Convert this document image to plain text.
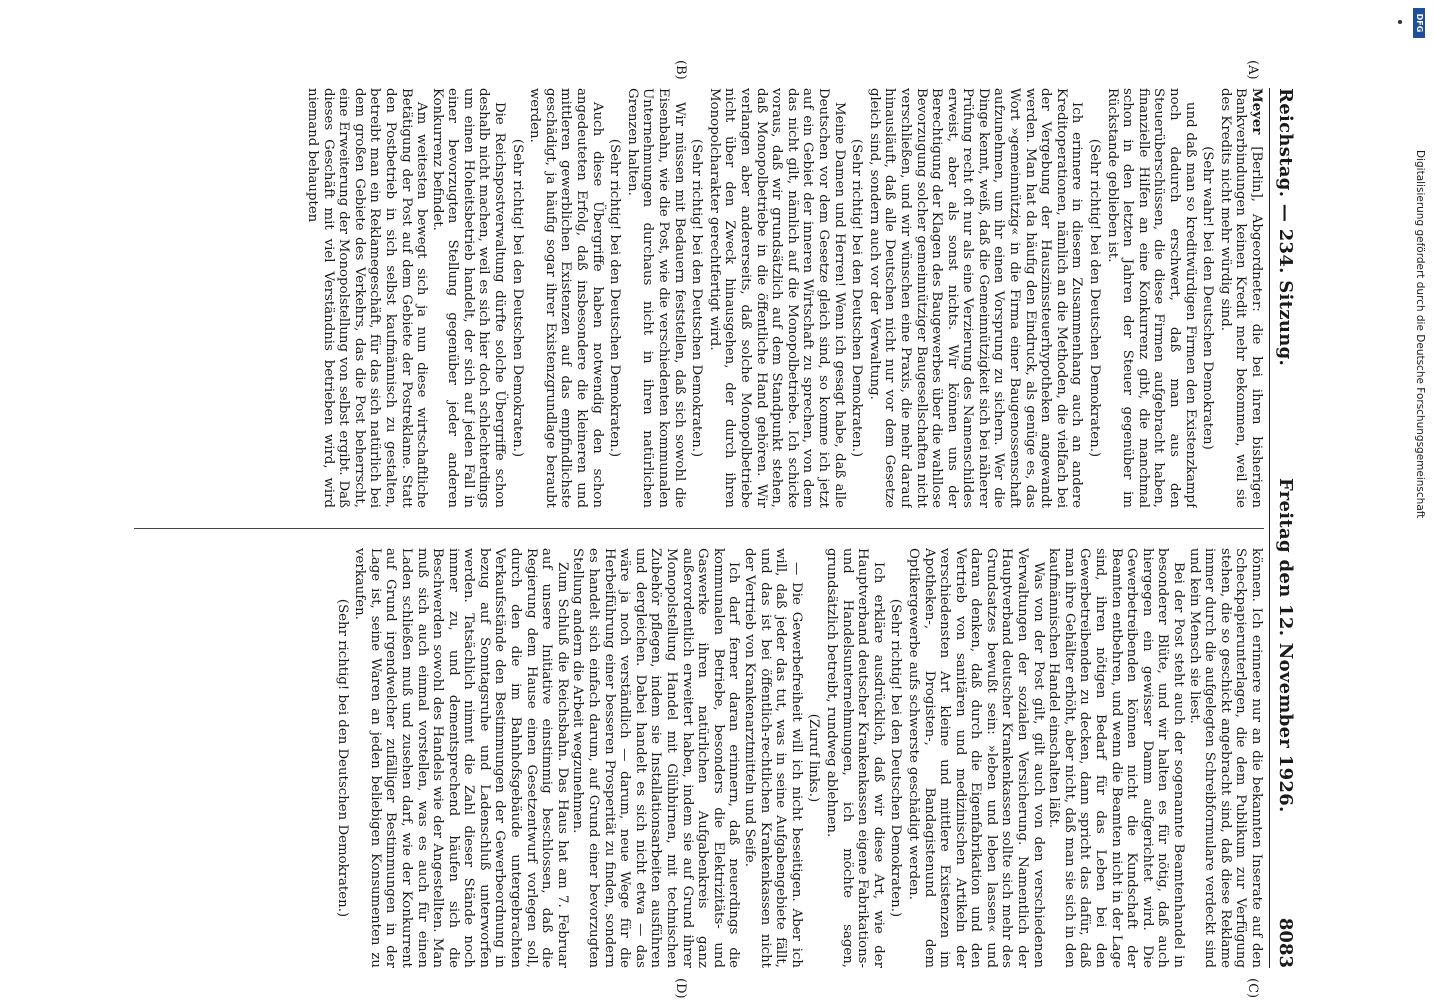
Reichstag. — 234. Sitzung.
Freitag den 12. November 1926.
8083

Meyer [Berlin], Abgeordneter: die bei ihren bisherigen Bankverbindungen keinen Kredit mehr bekommen, weil sie des Kredits nicht mehr würdig sind.

(Sehr wahr! bei den Deutschen Demokraten)

und daß man so kreditwürdigen Firmen den Existenzkampf noch dadurch erschwert, daß man aus den Steuerüberschüssen, die diese Firmen aufgebracht haben, finanzielle Hilfen an eine Konkurrenz gibt, die manchmal schon in den letzten Jahren der Steuer gegenüber im Rückstande geblieben ist.

(Sehr richtig! bei den Deutschen Demokraten.)

Ich erinnere in diesem Zusammenhang auch an andere Kreditoperationen, nämlich an die Methoden, die vielfach bei der Vergebung der Hauszinssteuerhypotheken angewandt werden. Man hat da häufig den Eindruck, als genüge es, das Wort »gemeinnützig« in die Firma einer Baugenossenschaft aufzunehmen, um ihr einen Vorsprung zu sichern. Wer die Dinge kennt, weiß, daß die Gemeinnützigkeit sich bei näherer Prüfung recht oft nur als eine Verzierung des Namenschildes erweist, aber als sonst nichts. Wir können uns der Berechtigung der Klagen des Baugewerbes über die wahllose Bevorzugung solcher gemeinnütziger Baugesellschaften nicht verschließen, und wir wünschen eine Praxis, die mehr darauf hinausläuft, daß alle Deutschen nicht nur vor dem Gesetze gleich sind, sondern auch vor der Verwaltung.

(Sehr richtig! bei den Deutschen Demokraten.)

Meine Damen und Herren! Wenn ich gesagt habe, daß alle Deutschen vor dem Gesetze gleich sind, so komme ich jetzt auf ein Gebiet der inneren Wirtschaft zu sprechen, von dem das nicht gilt, nämlich auf die Monopolbetriebe. Ich schicke voraus, daß wir grundsätzlich auf dem Standpunkt stehen, daß Monopolbetriebe in die öffentliche Hand gehören. Wir verlangen aber andererseits, daß solche Monopolbetriebe nicht über den Zweck hinausgehen, der durch ihren Monopolcharakter gerechtfertigt wird.

(Sehr richtig! bei den Deutschen Demokraten.)

Wir müssen mit Bedauern feststellen, daß sich sowohl die Eisenbahn, wie die Post, wie die verschiedenten kommunalen Unternehmungen durchaus nicht in ihren natürlichen Grenzen halten.

(Sehr richtig! bei den Deutschen Demokraten.)

Auch diese Übergriffe haben notwendig den schon angedeuteten Erfolg, daß insbesondere die kleineren und mittleren gewerblichen Existenzen auf das empfindlichste geschädigt, ja häufig sogar ihrer Existenzgrundlage beraubt werden.

(Sehr richtig! bei den Deutschen Demokraten.)

Die Reichspostverwaltung dürfte solche Übergriffe schon deshalb nicht machen, weil es sich hier doch schlechterdings um einen Hoheitsbetrieb handelt, der sich auf jeden Fall in einer bevorzugten Stellung gegenüber jeder anderen Konkurrenz befindet.

Am weitesten bewegt sich ja nun diese wirtschaftliche Betätigung der Post auf dem Gebiete der Postreklame. Statt den Postbetrieb in sich selbst kaufmännisch zu gestalten, betreibt man ein Reklamegeschäft, für das sich natürlich bei dem großen Gebiete des Verkehrs, das die Post beherrscht, eine Erweiterung der Monopolstellung von selbst ergibt. Daß dieses Geschäft mit viel Verständnis betrieben wird, wird niemand behaupten

können. Ich erinnere nur an die bekannten Inserate auf den Scheckpapierunterlagen, die dem Publikum zur Verfügung stehen, die so geschickt angebracht sind, daß diese Reklame immer durch die aufgelegten Schreibformulare verdeckt sind und kein Mensch sie liest.

Bei der Post steht auch der sogenannte Beamtenhandel in besonderer Blüte, und wir halten es für nötig, daß auch hiergegen ein gewisser Damm aufgerichtet wird. Die Gewerbetreibenden können nicht die Kundschaft der Beamten entbehren, und wenn die Beamten nicht in der Lage sind, ihren nötigen Bedarf für das Leben bei den Gewerbetreibenden zu decken, dann spricht das dafür, daß man ihre Gehälter erhöht, aber nicht, daß man sie sich in den kaufmännischen Handel einschalten läßt.

Was von der Post gilt, gilt auch von den verschiedenen Verwaltungen der sozialen Versicherung. Namentlich der Hauptverband deutscher Krankenkassen sollte sich mehr des Grundsatzes bewußt sein: »leben und leben lassen« und daran denken, daß durch die Eigenfabrikation und den Vertrieb von sanitären und medizinischen Artikeln der verschiedensten Art kleine und mittlere Existenzen im Apotheken-, Drogisten-, Bandagistenund dem Optikergewerbe aufs schwerste geschädigt werden.

(Sehr richtig! bei den Deutschen Demokraten.)

Ich erkläre ausdrücklich, daß wir diese Art, wie der Hauptverband deutscher Krankenkassen eigene Fabrikations- und Handelsunternehmungen, ich möchte sagen, grundsätzlich betreibt, rundweg ablehnen.

(Zuruf links.)

— Die Gewerbefreiheit will ich nicht beseitigen. Aber ich will, daß jeder das tut, was in seine Aufgabengebiete fällt, und das ist bei öffentlich-rechtlichen Krankenkassen nicht der Vertrieb von Krankenarztmitteln und Seife.

Ich darf ferner daran erinnern, daß neuerdings die kommunalen Betriebe, besonders die Elektrizitäts- und Gaswerke ihren natürlichen Aufgabenkreis ganz außerordentlich erweitert haben, indem sie auf Grund ihrer Monopolstellung Handel mit Glühbirnen, mit technischen Zubehör pflegen, indem sie Installationsarbeiten ausführen und dergleichen. Dabei handelt es sich nicht etwa — das wäre ja noch verständlich — darum, neue Wege für die Herbeiführung einer besseren Prosperität zu finden, sondern es handelt sich einfach darum, auf Grund einer bevorzugten Stellung andern die Arbeit wegzunehmen.

Zum Schluß die Reichsbahn. Das Haus hat am 7. Februar auf unsere Initiative einstimmig beschlossen, daß die Regierung dem Hause einen Gesetzentwurf vorlegen soll, durch den die im Bahnhofsgebäude untergebrachten Verkaufsstände den Bestimmungen der Gewerbeordnung in bezug auf Sonntagsruhe und Ladenschluß unterworfen werden. Tatsächlich nimmt die Zahl dieser Stände noch immer zu, und dementsprechend häufen sich die Beschwerden sowohl des Handels wie der Angestellten. Man muß sich auch einmal vorstellen, was es auch für einen Laden schließen muß und zusehen darf, wie der Konkurrent auf Grund irgendwelcher zufälliger Bestimmungen in der Lage ist, seine Waren an jeden beliebigen Konsumenten zu verkaufen.

(Sehr richtig! bei den Deutschen Demokraten.)

(A)
(B)
(C)
(D)
Digitalisierung gefördert durch die Deutsche Forschungsgemeinschaft
DFG
